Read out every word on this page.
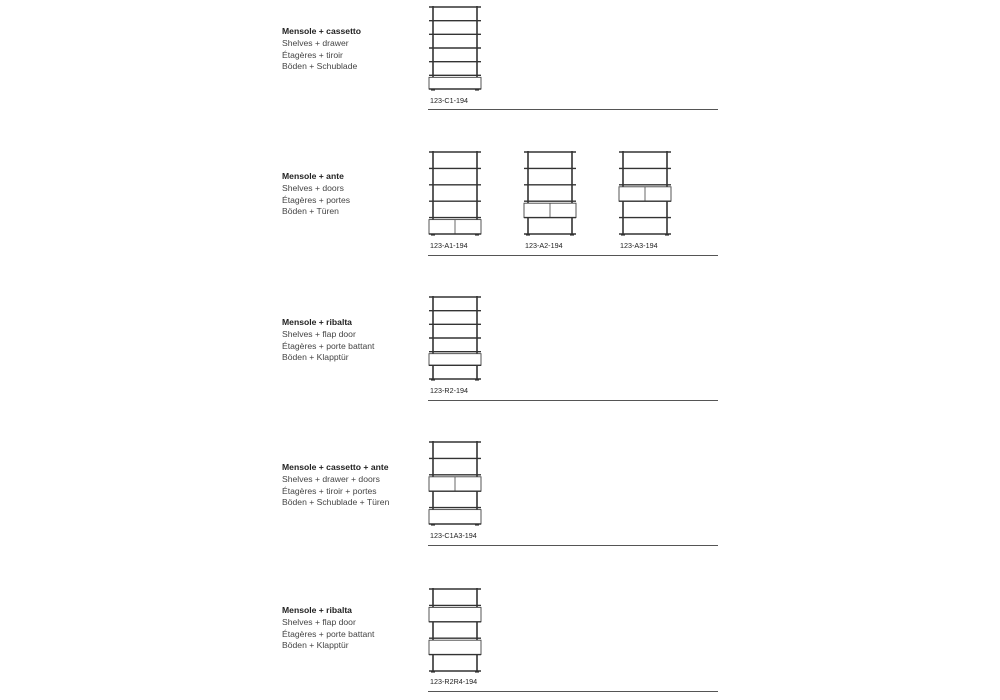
Mensole + cassetto
Shelves + drawer
Étagères + tiroir
Böden + Schublade
123-C1-194
Mensole + ante
Shelves + doors
Étagères + portes
Böden + Türen
123-A1-194	123-A2-194	123-A3-194
Mensole + ribalta
Shelves + flap door
Étagères + porte battant
Böden + Klapptür
123-R2-194
Mensole + cassetto + ante
Shelves + drawer + doors
Étagères + tiroir + portes
Böden + Schublade + Türen
123-C1A3-194
Mensole + ribalta
Shelves + flap door
Étagères + porte battant
Böden + Klapptür
123-R2R4-194
